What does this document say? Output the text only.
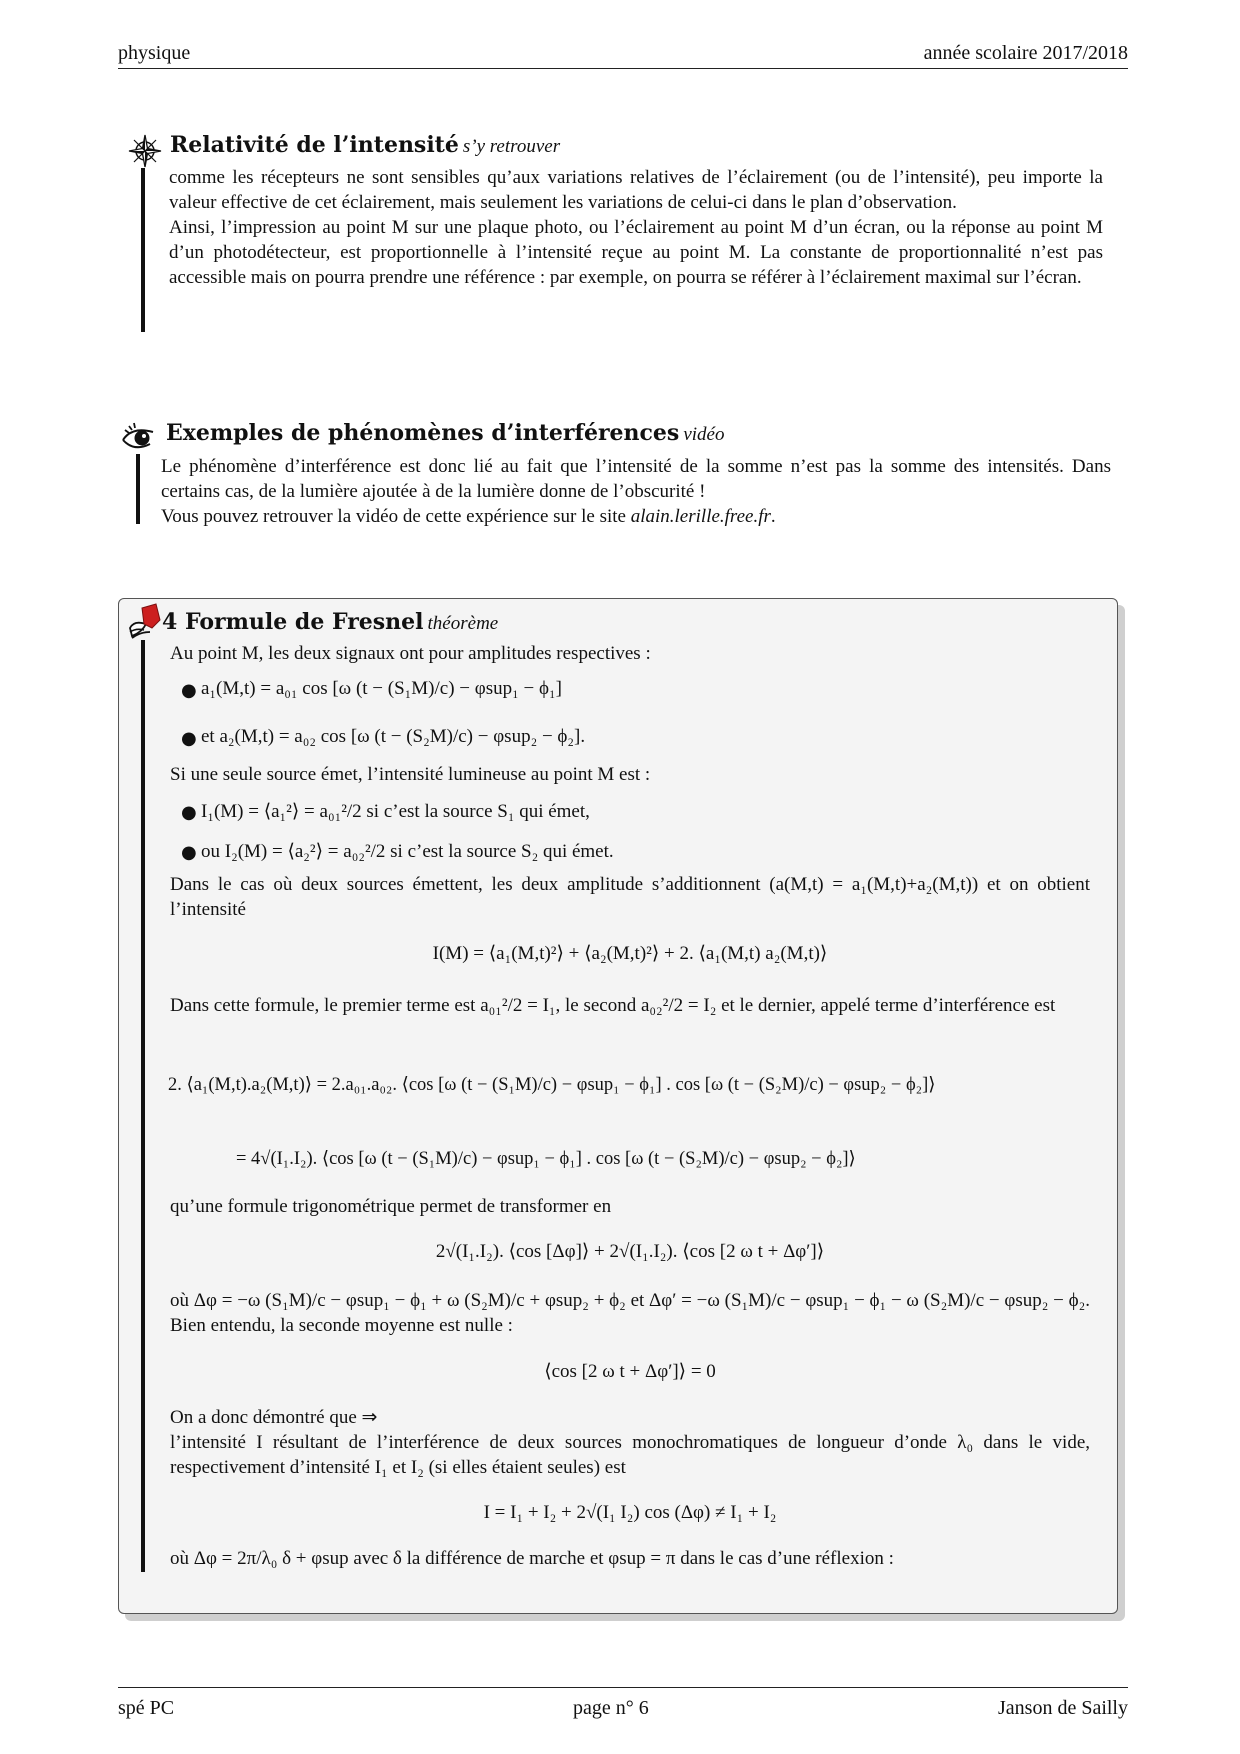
physique	année scolaire 2017/2018
Relativité de l’intensité s’y retrouver
comme les récepteurs ne sont sensibles qu’aux variations relatives de l’éclairement (ou de l’intensité), peu importe la valeur effective de cet éclairement, mais seulement les variations de celui-ci dans le plan d’observation.
Ainsi, l’impression au point M sur une plaque photo, ou l’éclairement au point M d’un écran, ou la réponse au point M d’un photodétecteur, est proportionnelle à l’intensité reçue au point M. La constante de proportionnalité n’est pas accessible mais on pourra prendre une référence : par exemple, on pourra se référer à l’éclairement maximal sur l’écran.
Exemples de phénomènes d’interférences vidéo
Le phénomène d’interférence est donc lié au fait que l’intensité de la somme n’est pas la somme des intensités. Dans certains cas, de la lumière ajoutée à de la lumière donne de l’obscurité !
Vous pouvez retrouver la vidéo de cette expérience sur le site alain.lerille.free.fr.
4 Formule de Fresnel théorème
Au point M, les deux signaux ont pour amplitudes respectives :
● a₁(M,t) = a₀₁ cos [ω (t − (S₁M)/c) − φsup₁ − ϕ₁]
● et a₂(M,t) = a₀₂ cos [ω (t − (S₂M)/c) − φsup₂ − ϕ₂].
Si une seule source émet, l’intensité lumineuse au point M est :
● I₁(M) = ⟨a₁²⟩ = a₀₁²/2 si c’est la source S₁ qui émet,
● ou I₂(M) = ⟨a₂²⟩ = a₀₂²/2 si c’est la source S₂ qui émet.
Dans le cas où deux sources émettent, les deux amplitude s’additionnent (a(M,t) = a₁(M,t)+a₂(M,t)) et on obtient l’intensité
I(M) = ⟨a₁(M,t)²⟩ + ⟨a₂(M,t)²⟩ + 2. ⟨a₁(M,t) a₂(M,t)⟩
Dans cette formule, le premier terme est a₀₁²/2 = I₁, le second a₀₂²/2 = I₂ et le dernier, appelé terme d’interférence est
2. ⟨a₁(M,t).a₂(M,t)⟩ = 2.a₀₁.a₀₂. ⟨cos [ω (t − (S₁M)/c) − φsup₁ − ϕ₁] . cos [ω (t − (S₂M)/c) − φsup₂ − ϕ₂]⟩
= 4√(I₁.I₂). ⟨cos [ω (t − (S₁M)/c) − φsup₁ − ϕ₁] . cos [ω (t − (S₂M)/c) − φsup₂ − ϕ₂]⟩
qu’une formule trigonométrique permet de transformer en
2√(I₁.I₂). ⟨cos [Δφ]⟩ + 2√(I₁.I₂). ⟨cos [2 ω t + Δφ′]⟩
où Δφ = −ω (S₁M)/c − φsup₁ − ϕ₁ + ω (S₂M)/c + φsup₂ + ϕ₂ et Δφ′ = −ω (S₁M)/c − φsup₁ − ϕ₁ − ω (S₂M)/c − φsup₂ − ϕ₂. Bien entendu, la seconde moyenne est nulle :
⟨cos [2 ω t + Δφ′]⟩ = 0
On a donc démontré que ⇒
l’intensité I résultant de l’interférence de deux sources monochromatiques de longueur d’onde λ₀ dans le vide, respectivement d’intensité I₁ et I₂ (si elles étaient seules) est
I = I₁ + I₂ + 2√(I₁ I₂) cos (Δφ) ≠ I₁ + I₂
où Δφ = 2π/λ₀ δ + φsup avec δ la différence de marche et φsup = π dans le cas d’une réflexion :
spé PC	page n° 6	Janson de Sailly
